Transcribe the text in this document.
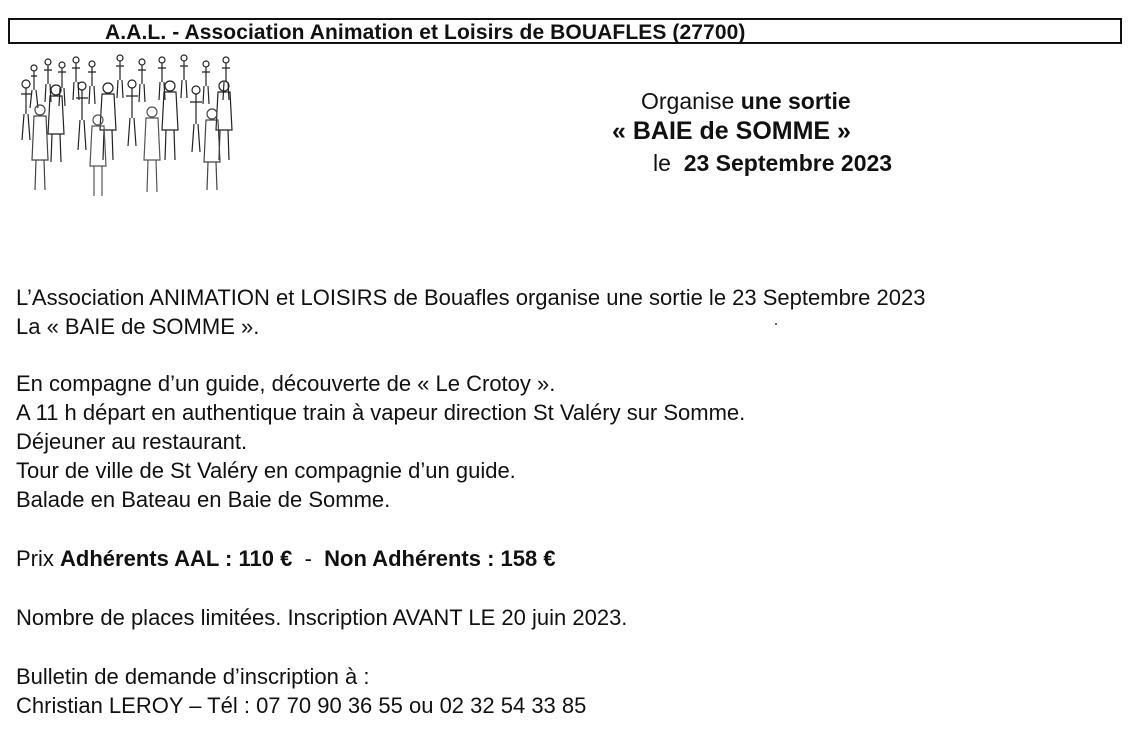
A.A.L. - Association Animation et Loisirs de BOUAFLES (27700)
Organise une sortie
« BAIE de SOMME »
le 23 Septembre 2023

L’Association ANIMATION et LOISIRS de Bouafles organise une sortie le 23 Septembre 2023

La « BAIE de SOMME ».

En compagne d’un guide, découverte de « Le Crotoy ».

A 11 h départ en authentique train à vapeur direction St Valéry sur Somme.

Déjeuner au restaurant.

Tour de ville de St Valéry en compagnie d’un guide.

Balade en Bateau en Baie de Somme.

Prix Adhérents AAL : 110 € - Non Adhérents : 158 €

Nombre de places limitées. Inscription AVANT LE 20 juin 2023.

Bulletin de demande d’inscription à :

Christian LEROY – Tél : 07 70 90 36 55 ou 02 32 54 33 85
